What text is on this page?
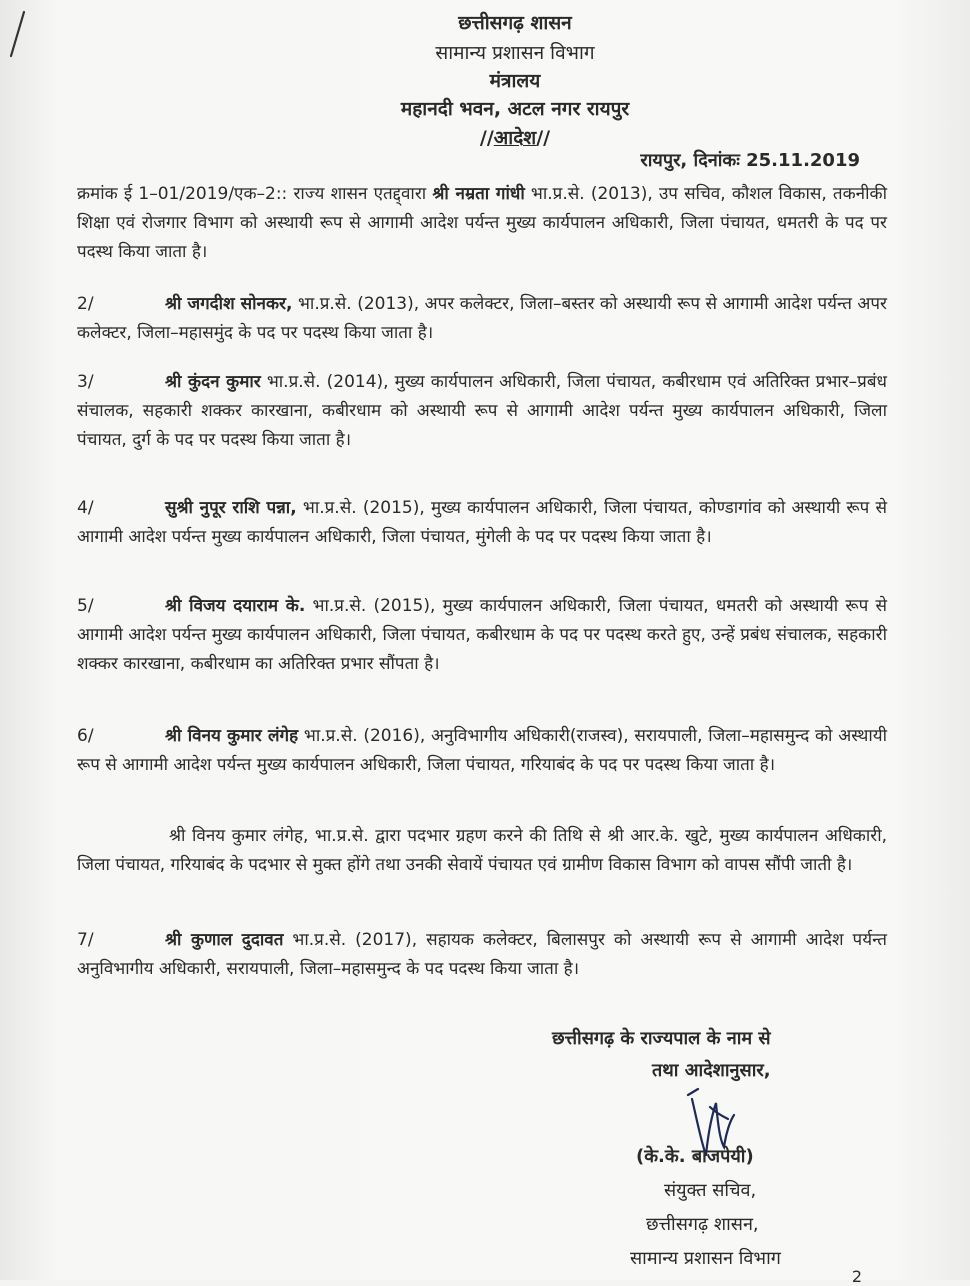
छत्तीसगढ़ शासन
सामान्य प्रशासन विभाग
मंत्रालय
महानदी भवन, अटल नगर रायपुर
//आदेश//
रायपुर, दिनांकः 25.11.2019
क्रमांक ई 1–01/2019/एक–2:: राज्य शासन एतद्द्वारा श्री नम्रता गांधी भा.प्र.से. (2013), उप सचिव, कौशल विकास, तकनीकी शिक्षा एवं रोजगार विभाग को अस्थायी रूप से आगामी आदेश पर्यन्त मुख्य कार्यपालन अधिकारी, जिला पंचायत, धमतरी के पद पर पदस्थ किया जाता है।
2/	श्री जगदीश सोनकर, भा.प्र.से. (2013), अपर कलेक्टर, जिला–बस्तर को अस्थायी रूप से आगामी आदेश पर्यन्त अपर कलेक्टर, जिला–महासमुंद के पद पर पदस्थ किया जाता है।
3/	श्री कुंदन कुमार भा.प्र.से. (2014), मुख्य कार्यपालन अधिकारी, जिला पंचायत, कबीरधाम एवं अतिरिक्त प्रभार–प्रबंध संचालक, सहकारी शक्कर कारखाना, कबीरधाम को अस्थायी रूप से आगामी आदेश पर्यन्त मुख्य कार्यपालन अधिकारी, जिला पंचायत, दुर्ग के पद पर पदस्थ किया जाता है।
4/	सुश्री नुपूर राशि पन्ना, भा.प्र.से. (2015), मुख्य कार्यपालन अधिकारी, जिला पंचायत, कोण्डागांव को अस्थायी रूप से आगामी आदेश पर्यन्त मुख्य कार्यपालन अधिकारी, जिला पंचायत, मुंगेली के पद पर पदस्थ किया जाता है।
5/	श्री विजय दयाराम के. भा.प्र.से. (2015), मुख्य कार्यपालन अधिकारी, जिला पंचायत, धमतरी को अस्थायी रूप से आगामी आदेश पर्यन्त मुख्य कार्यपालन अधिकारी, जिला पंचायत, कबीरधाम के पद पर पदस्थ करते हुए, उन्हें प्रबंध संचालक, सहकारी शक्कर कारखाना, कबीरधाम का अतिरिक्त प्रभार सौंपता है।
6/	श्री विनय कुमार लंगेह भा.प्र.से. (2016), अनुविभागीय अधिकारी(राजस्व), सरायपाली, जिला–महासमुन्द को अस्थायी रूप से आगामी आदेश पर्यन्त मुख्य कार्यपालन अधिकारी, जिला पंचायत, गरियाबंद के पद पर पदस्थ किया जाता है।
श्री विनय कुमार लंगेह, भा.प्र.से. द्वारा पदभार ग्रहण करने की तिथि से श्री आर.के. खुटे, मुख्य कार्यपालन अधिकारी, जिला पंचायत, गरियाबंद के पदभार से मुक्त होंगे तथा उनकी सेवायें पंचायत एवं ग्रामीण विकास विभाग को वापस सौंपी जाती है।
7/	श्री कुणाल दुदावत भा.प्र.से. (2017), सहायक कलेक्टर, बिलासपुर को अस्थायी रूप से आगामी आदेश पर्यन्त अनुविभागीय अधिकारी, सरायपाली, जिला–महासमुन्द के पद पदस्थ किया जाता है।
छत्तीसगढ़ के राज्यपाल के नाम से
तथा आदेशानुसार,
(के.के. बाजपेयी)
संयुक्त सचिव,
छत्तीसगढ़ शासन,
सामान्य प्रशासन विभाग
2
